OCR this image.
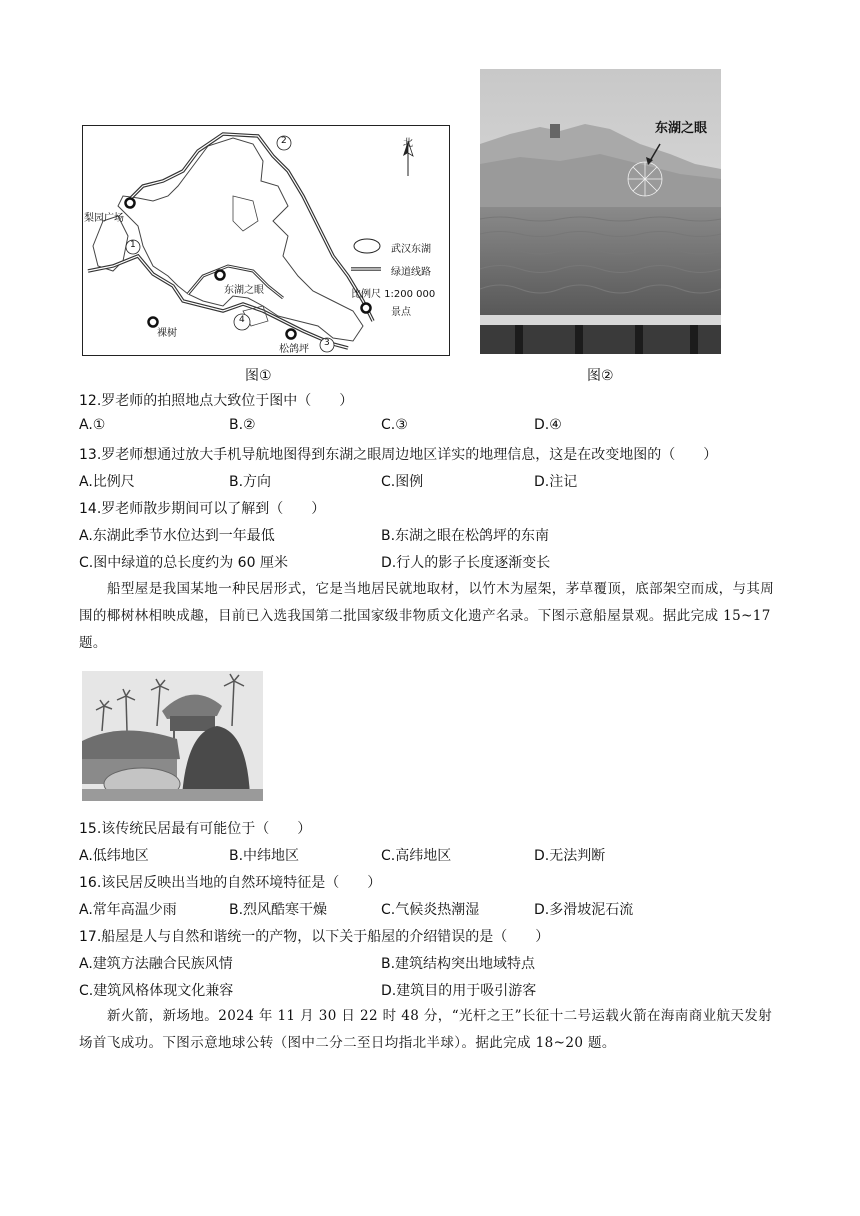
北
1
2
3
4
梨园广场
东湖之眼
裸树
松鸽坪
武汉东湖
绿道线路
比例尺 1:200 000
景点
图①
东湖之眼
图②
12.罗老师的拍照地点大致位于图中（　　）
A.①	B.②	C.③	D.④
13.罗老师想通过放大手机导航地图得到东湖之眼周边地区详实的地理信息，这是在改变地图的（　　）
A.比例尺	B.方向	C.图例	D.注记
14.罗老师散步期间可以了解到（　　）
A.东湖此季节水位达到一年最低	B.东湖之眼在松鸽坪的东南
C.图中绿道的总长度约为 60 厘米	D.行人的影子长度逐渐变长
船型屋是我国某地一种民居形式，它是当地居民就地取材，以竹木为屋架，茅草覆顶，底部架空而成，与其周围的椰树林相映成趣，目前已入选我国第二批国家级非物质文化遗产名录。下图示意船屋景观。据此完成 15~17 题。
15.该传统民居最有可能位于（　　）
A.低纬地区	B.中纬地区	C.高纬地区	D.无法判断
16.该民居反映出当地的自然环境特征是（　　）
A.常年高温少雨	B.烈风酷寒干燥	C.气候炎热潮湿	D.多滑坡泥石流
17.船屋是人与自然和谐统一的产物，以下关于船屋的介绍错误的是（　　）
A.建筑方法融合民族风情	B.建筑结构突出地域特点
C.建筑风格体现文化兼容	D.建筑目的用于吸引游客
新火箭，新场地。2024 年 11 月 30 日 22 时 48 分，“光杆之王”长征十二号运载火箭在海南商业航天发射场首飞成功。下图示意地球公转（图中二分二至日均指北半球）。据此完成 18~20 题。
